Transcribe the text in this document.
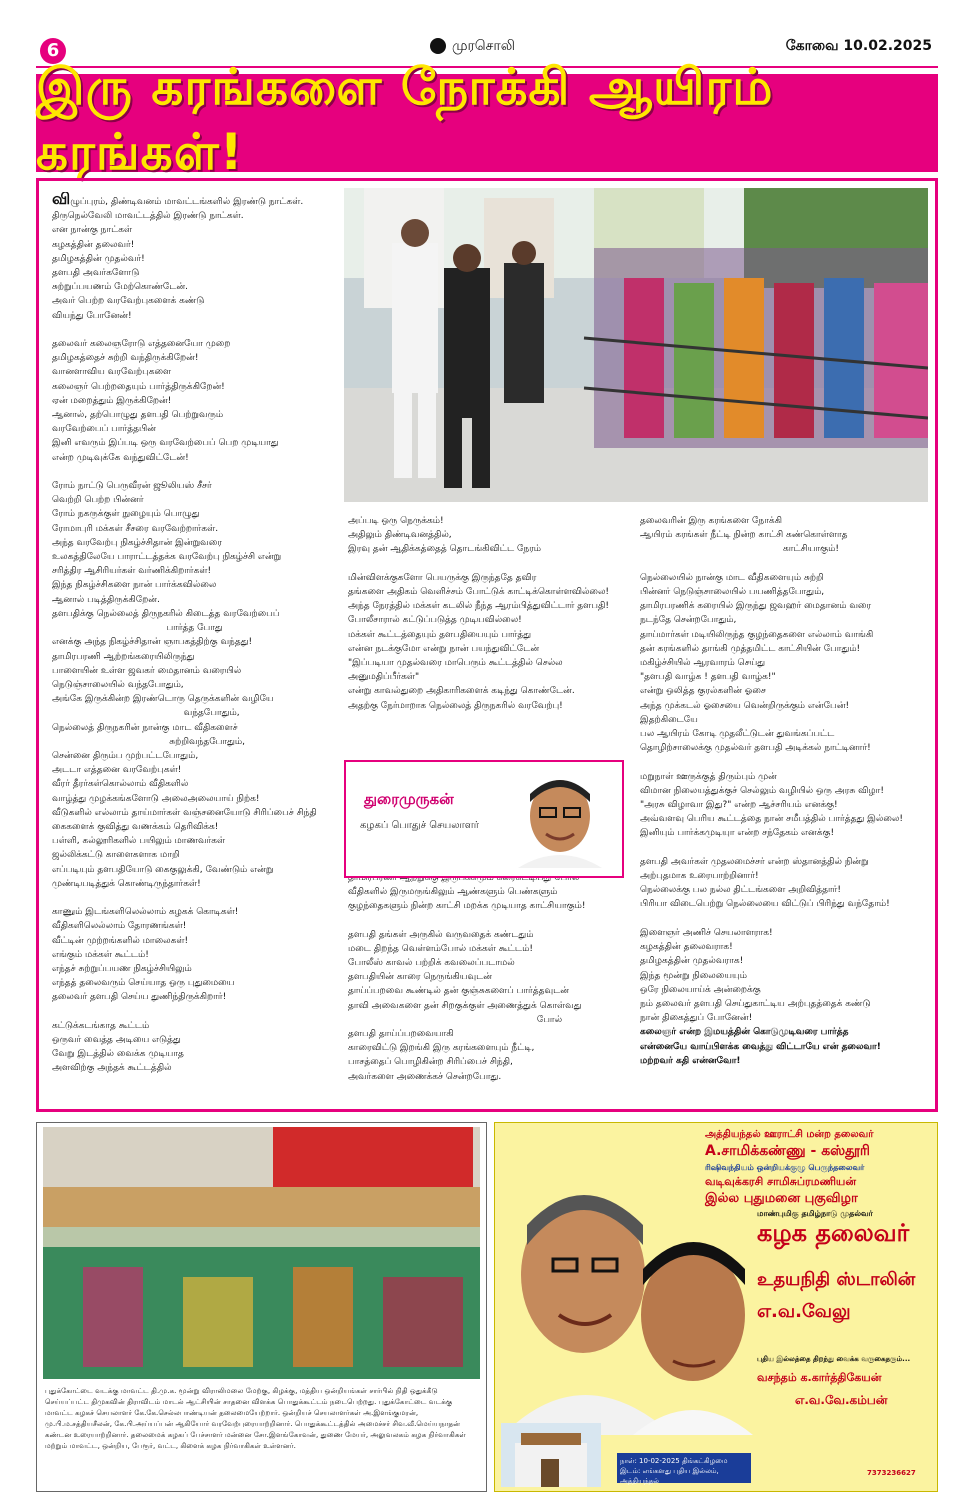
6	முரசொலி	கோவை 10.02.2025
இரு கரங்களை நோக்கி ஆயிரம் கரங்கள்!
விழுப்புரம், திண்டிவனம் மாவட்டங்களில் இரண்டு நாட்கள்.
திருநெல்வேலி மாவட்டத்தில் இரண்டு நாட்கள்.
என நான்கு நாட்கள்
கழகத்தின் தலைவர்!
தமிழகத்தின் முதல்வர்!
தளபதி அவர்களோடு
சுற்றுப்பயணம் மேற்கொண்டேன்.
அவர் பெற்ற வரவேற்புகளைக் கண்டு
வியந்து போனேன்!

தலைவர் கலைஞரோடு எத்தனையோ முறை
தமிழகத்தைச் சுற்றி வந்திருக்கிறேன்!
வானளாவிய வரவேற்புகளை
கலைஞர் பெற்றதையும் பார்த்திருக்கிறேன்!
ஏன் மறைத்தும் இருக்கிறேன்!
ஆனால், தற்பொழுது தளபதி பெற்றுவரும்
வரவேற்பைப் பார்த்தபின்
இனி எவரும் இப்படி ஒரு வரவேற்பைப் பெற முடியாது
என்ற முடிவுக்கே வந்துவிட்டேன்!

ரோம் நாட்டு பெருவீரன் ஜூலியஸ் சீசர்
வெற்றி பெற்ற பின்னர்
ரோம் நகருக்குள் நுழையும் பொழுது
ரோமாபுரி மக்கள் சீசரை வரவேற்றார்கள்.
அந்த வரவேற்பு நிகழ்ச்சிதான் இன்றுவரை
உலகத்திலேயே பாராட்டத்தக்க வரவேற்பு நிகழ்ச்சி என்று
சரித்திர ஆசிரியர்கள் வர்ணிக்கிறார்கள்!
இந்த நிகழ்ச்சிகளை நான் பார்க்கவில்லை
ஆனால் படித்திருக்கிறேன்.
தளபதிக்கு நெல்லைத் திருநகரில் கிடைத்த வரவேற்பைப்
பார்த்த போது
எனக்கு அந்த நிகழ்ச்சிதான் ஞாபகத்திற்கு வந்தது!
தாமிரபரணி ஆற்றங்கரையிலிருந்து
பாளையின் உள்ள ஜவகர் மைதானம் வரையில்
நெடுஞ்சாலையில் வந்தபோதும்,
அங்கே இருக்கின்ற இரண்டொரு தெருக்களின் வழியே
வந்தபோதும்,
நெல்லைத் திருநகரின் நான்கு மாட வீதிகளைச்
சுற்றிவந்தபோதும்,
சென்னை திரும்ப முற்பட்டபோதும்,
அடடா எத்தனை வரவேற்புகள்!
வீரர் தீரர்கள்கொல்லாம் வீதிகளில்
வாழ்த்து முழக்கங்களோடு அலைஅலையாய் நிற்க!
வீடுகளில் எல்லாம் தாய்மார்கள் வஞ்சனையோடு சிரிப்பைச் சிந்தி
கைகளைக் குவித்து வணக்கம் தெரிவிக்க!
பள்ளி, கல்லூரிகளில் பயிலும் மாணவர்கள்
ஜல்லிக்கட்டு காளைகளாக மாறி
எப்படியும் தளபதியோடு கைகுலுக்கி, வேண்டும் என்று
முண்டியடித்துக் கொண்டிருந்தார்கள்!

காணும் இடங்களிலெல்லாம் கழகக் கொடிகள்!
வீதிகளிலெல்லாம் தோரணங்கள்!
வீட்டின் முற்றங்களில் மாலைகள்!
எங்கும் மக்கள் கூட்டம்!
எந்தச் சுற்றுப்பயண நிகழ்ச்சியிலும்
எந்தத் தலைவரும் செய்யாத ஒரு புதுமையை
தலைவர் தளபதி செய்ய துணிந்திருக்கிறார்!

கட்டுக்கடங்காத கூட்டம்
ஒருவர் வைத்த அடியை எடுத்து
வேறு இடத்தில் வைக்க முடியாத
அளவிற்கு அந்தக் கூட்டத்தில்
அப்படி ஒரு நெருக்கம்!
அதிலும் திண்டிவனத்தில்,
இரவு தன் ஆதிக்கத்தைத் தொடங்கிவிட்ட நேரம்

மின்விளக்குகளோ பெயருக்கு இருந்ததே தவிர
தங்களை அதிகம் வெளிச்சம் போட்டுக் காட்டிக்கொள்ளவில்லை!
அந்த நேரத்தில் மக்கள் கடலில் நீந்த ஆரம்பித்துவிட்டார் தளபதி!
போலீசாரால் கட்டுப்படுத்த முடியவில்லை!
மக்கள் கூட்டத்தையும் தளபதியையும் பார்த்து
என்ன நடக்குமோ என்று நான் பயந்துவிட்டேன்
"இப்படியா முதல்வரை மாபெரும் கூட்டத்தில் செல்ல
அனுமதிப்பீர்கள்"
என்று காவல்துறை அதிகாரிகளைக் கடிந்து கொண்டேன்.
அதற்கு நேர்மாறாக நெல்லைத் திருநகரில் வரவேற்பு!

வீதிகளில் இருமருங்கிலும் ஆண்களும் பெண்களும்
குழந்தைகளும் நின்ற காட்சி மறக்க முடியாத காட்சியாகும்!

தளபதி தங்கள் அருகில் வருவதைக் கண்டதும்
மடை திறந்த வெள்ளம்போல் மக்கள் கூட்டம்!
போலீஸ் காவல் பற்றிக் கவலைப்படாமல்
தளபதியின் காரை நெருங்கியவுடன்
தாய்ப்பறவை கூண்டில் தன் குஞ்சுகளைப் பார்த்தவுடன்
தாவி அவைகளை தன் சிறகுக்குள் அணைத்துக் கொள்வது
போல்
தளபதி தாய்ப்பறவையாகி
காரைவிட்டு இறங்கி இரு கரங்களையும் நீட்டி,
பாசத்தைப் பொழிகின்ற சிரிப்பைச் சிந்தி,
அவர்களை அணைக்கச் சென்றபோது.
துரைமுருகன்
கழகப் பொதுச் செயலாளர்
தலைவரின் இரு கரங்களை நோக்கி
ஆயிரம் கரங்கள் நீட்டி நின்ற காட்சி கண்கொள்ளாத
காட்சியாகும்!

நெல்லையில் நான்கு மாட வீதிகளையும் சுற்றி
பின்னர் நெடுஞ்சாலையில் பயணித்தபோதும்,
தாமிரபரணிக் கரையில் இருந்து ஜவஹர் மைதானம் வரை
நடந்தே சென்றபோதும்,
தாய்மார்கள் மடியிலிருந்த குழந்தைகளை எல்லாம் வாங்கி
தன் கரங்களில் தாங்கி முத்தமிட்ட காட்சியின் போதும்!
மகிழ்ச்சியில் ஆரவாரம் செய்து
"தளபதி வாழ்க ! தளபதி வாழ்க!"
என்று ஒலித்த குரல்களின் ஓசை
அந்த முக்கடல் ஓசையை வென்றிருக்கும் என்பேன்!
இதற்கிடையே
பல ஆயிரம் கோடி முதலீட்டுடன் துவங்கப்பட்ட
தொழிற்சாலைக்கு முதல்வர் தளபதி அடிக்கல் நாட்டினார்!

மறுநாள் ஊருக்குத் திரும்பும் முன்
விமான நிலையத்துக்குச் செல்லும் வழியில் ஒரு அரசு விழா!
"அரசு விழாவா இது?" என்ற ஆச்சரியம் எனக்கு!
அவ்வளவு பெரிய கூட்டத்தை நான் சமீபத்தில் பார்த்தது இல்லை!
இனியும் பார்க்கமுடியுா என்ற சந்தேகம் எனக்கு!

தளபதி அவர்கள் முதலமைச்சர் என்ற ஸ்தானத்தில் நின்று
அற்புதமாக உரையாற்றினார்!
நெல்லைக்கு பல நல்ல திட்டங்களை அறிவித்தார்!
பிரியா விடைபெற்று நெல்லையை விட்டுப் பிரிந்து வந்தோம்!

இளைஞர் அணிச் செயலாளராக!
கழகத்தின் தலைவராக!
தமிழகத்தின் முதல்வராக!
இந்த மூன்று நிலையையும்
ஒரே நிலையாய்க் அன்றைக்கு
நம் தலைவர் தளபதி செய்துகாட்டிய அற்புதத்தைக் கண்டு
நான் திகைத்துப் போனேன்!
கலைஞர் என்ற இமயத்தின் கொடுமுடிவரை பார்த்த
என்னையே வாய்பிளக்க வைத்து விட்டாயே என் தலைவா!
மற்றவர் கதி என்னவோ!
புதுக்கோட்டை வடக்கு மாவட்ட தி.மு.க. மூன்று விராலிமலை மேற்கு, கிழக்கு, மத்திய ஒன்றியங்கள் சார்பில் நிதி ஒதுக்கீடு செய்யப்பட்ட திமுகவின் திராவிடம் மாடல் ஆட்சியின் சாதனை விளக்க பொதுக்கூட்டம் நடைபெற்றது. புதுக்கோட்டை வடக்கு மாவட்ட கழகச் செயலாளர் கே.கே.செல்லபாண்டியன் தலைமையேற்றார். ஒன்றியச் செயலாளர்கள் அ.இளங்குமரன், மு.பி.ம.சத்தியசீலன், கே.பி.அய்யப்பன் ஆகியோர் வரவேற்புரையாற்றினார். பொதுக்கூட்டத்தில் அமைச்சர் சிவ.வீ.மெய்யநாதன் கண்டன உரையாற்றினார். தலைமைக் கழகப் பேச்சாளர் மன்னை சோ.இளங்கோவன், துணை மேயர், அலுவலகம் கழக நிர்வாகிகள் மற்றும் மாவட்ட, ஒன்றிய, பேரூர், வட்ட, கிளைக் கழக நிர்வாகிகள் உள்ளனர்.
அத்தியந்தல் ஊராட்சி மன்ற தலைவர்
A.சாமிக்கண்ணு - கஸ்தூரி
ரிஷிவந்தியம் ஒன்றியக்குழு பெருந்தலைவர்
வடிவுக்கரசி சாமிசுப்ரமணியன்
இல்ல புதுமனை புகுவிழா
மாண்புமிகு தமிழ்நாடு முதல்வர்
கழக தலைவர்
உதயநிதி ஸ்டாலின்
எ.வ.வேலு
புதிய இல்லத்தை திறந்து வைக்க வருகைதரும்...
வசந்தம் க.கார்த்திகேயன்
எ.வ.வே.கம்பன்
7373236627
நாள்: 10-02-2025 திங்கட்கிழமை இடம்: எங்களது புதிய இல்லம், அத்தியந்தல்
